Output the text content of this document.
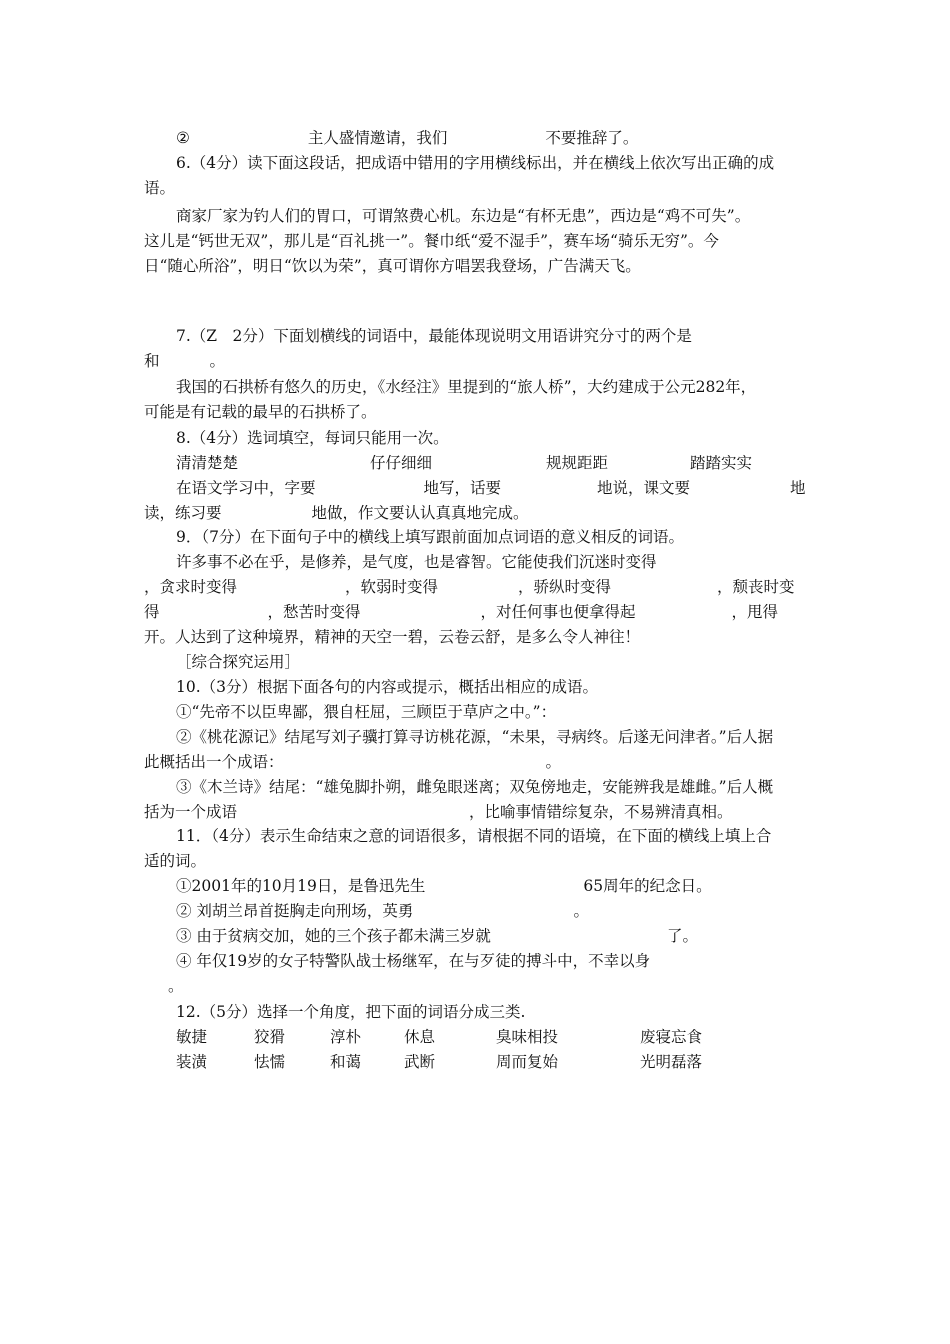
②	主人盛情邀请，我们	不要推辞了。
6.（4分）读下面这段话，把成语中错用的字用横线标出，并在横线上依次写出正确的成
语。
商家厂家为钓人们的胃口，可谓煞费心机。东边是“有杯无患”，西边是“鸡不可失”。
这儿是“钙世无双”，那儿是“百礼挑一”。餐巾纸“爱不湿手”，赛车场“骑乐无穷”。今
日“随心所浴”，明日“饮以为荣”，真可谓你方唱罢我登场，广告满天飞。
7.（Z　2分）下面划横线的词语中，最能体现说明文用语讲究分寸的两个是
和	。
我国的石拱桥有悠久的历史，《水经注》里提到的“旅人桥”，大约建成于公元282年，
可能是有记载的最早的石拱桥了。
8.（4分）选词填空，每词只能用一次。
清清楚楚	仔仔细细	规规距距	踏踏实实
在语文学习中，字要	地写，话要	地说，课文要	地
读，练习要	地做，作文要认认真真地完成。
9．（7分）在下面句子中的横线上填写跟前面加点词语的意义相反的词语。
许多事不必在乎，是修养，是气度，也是睿智。它能使我们沉迷时变得
，贪求时变得	，软弱时变得	，骄纵时变得	，颓丧时变
得	，愁苦时变得	，对任何事也便拿得起	，甩得
开。人达到了这种境界，精神的天空一碧，云卷云舒，是多么令人神往！
［综合探究运用］
10.（3分）根据下面各句的内容或提示，概括出相应的成语。
①“先帝不以臣卑鄙，猥自枉屈，三顾臣于草庐之中。”：
②《桃花源记》结尾写刘子骥打算寻访桃花源，“未果，寻病终。后遂无问津者。”后人据
此概括出一个成语：	。
③《木兰诗》结尾：“雄兔脚扑朔，雌兔眼迷离；双兔傍地走，安能辨我是雄雌。”后人概
括为一个成语	，比喻事情错综复杂，不易辨清真相。
11．（4分）表示生命结束之意的词语很多，请根据不同的语境，在下面的横线上填上合
适的词。
①2001年的10月19日，是鲁迅先生	65周年的纪念日。
② 刘胡兰昂首挺胸走向刑场，英勇	。
③ 由于贫病交加，她的三个孩子都未满三岁就	了。
④ 年仅19岁的女子特警队战士杨继军，在与歹徒的搏斗中，不幸以身
。
12.（5分）选择一个角度，把下面的词语分成三类.
敏捷	狡猾	淳朴	休息	臭味相投	废寝忘食
装潢	怯懦	和蔼	武断	周而复始	光明磊落
